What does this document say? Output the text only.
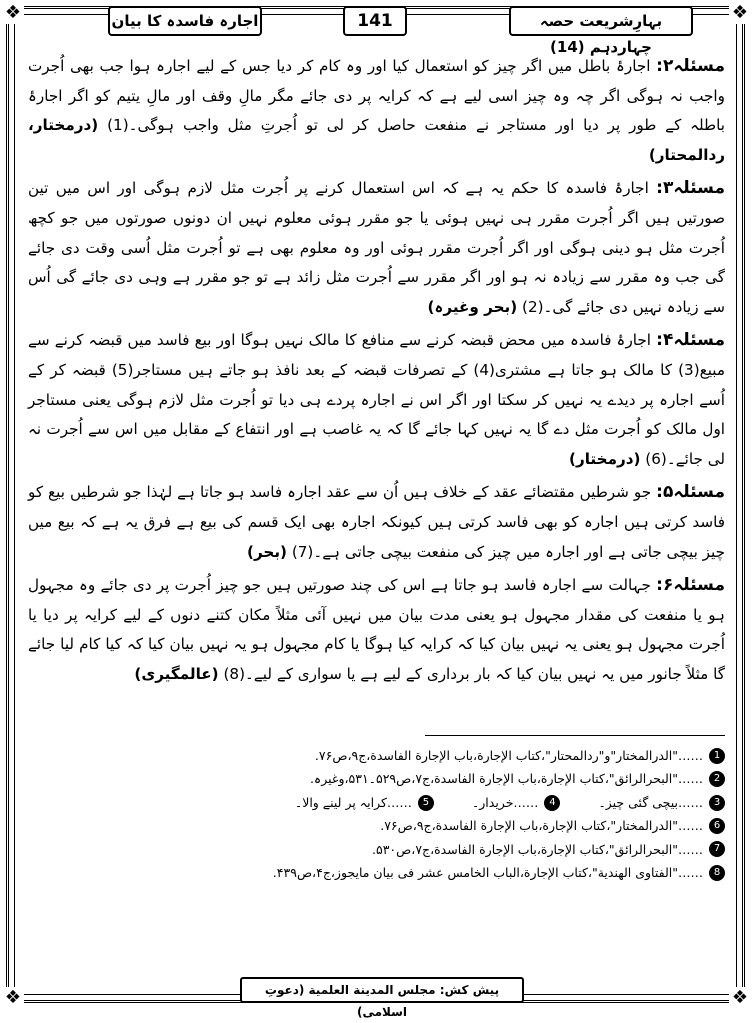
❖	❖
❖	❖
اجارہ فاسدہ کا بیان	141	بہارِشریعت حصہ چہاردہم (14)

مسئلہ۲: اجارۂ باطل میں اگر چیز کو استعمال کیا اور وہ کام کر دیا جس کے لیے اجارہ ہوا جب بھی اُجرت واجب نہ ہوگی اگر چہ وہ چیز اسی لیے ہے کہ کرایہ پر دی جائے مگر مالِ وقف اور مالِ یتیم کو اگر اجارۂ باطلہ کے طور پر دیا اور مستاجر نے منفعت حاصل کر لی تو اُجرتِ مثل واجب ہوگی۔(1) (درمختار، ردالمحتار)

مسئلہ۳: اجارۂ فاسدہ کا حکم یہ ہے کہ اس استعمال کرنے پر اُجرت مثل لازم ہوگی اور اس میں تین صورتیں ہیں اگر اُجرت مقرر ہی نہیں ہوئی یا جو مقرر ہوئی معلوم نہیں ان دونوں صورتوں میں جو کچھ اُجرت مثل ہو دینی ہوگی اور اگر اُجرت مقرر ہوئی اور وہ معلوم بھی ہے تو اُجرت مثل اُسی وقت دی جائے گی جب وہ مقرر سے زیادہ نہ ہو اور اگر مقرر سے اُجرت مثل زائد ہے تو جو مقرر ہے وہی دی جائے گی اُس سے زیادہ نہیں دی جائے گی۔(2) (بحر وغیرہ)

مسئلہ۴: اجارۂ فاسدہ میں محض قبضہ کرنے سے منافع کا مالک نہیں ہوگا اور بیع فاسد میں قبضہ کرنے سے مبیع(3) کا مالک ہو جاتا ہے مشتری(4) کے تصرفات قبضہ کے بعد نافذ ہو جاتے ہیں مستاجر(5) قبضہ کر کے اُسے اجارہ پر دیدے یہ نہیں کر سکتا اور اگر اس نے اجارہ پردے ہی دیا تو اُجرت مثل لازم ہوگی یعنی مستاجر اول مالک کو اُجرت مثل دے گا یہ نہیں کہا جائے گا کہ یہ غاصب ہے اور انتفاع کے مقابل میں اس سے اُجرت نہ لی جائے۔(6) (درمختار)

مسئلہ۵: جو شرطیں مقتضائے عقد کے خلاف ہیں اُن سے عقد اجارہ فاسد ہو جاتا ہے لہٰذا جو شرطیں بیع کو فاسد کرتی ہیں اجارہ کو بھی فاسد کرتی ہیں کیونکہ اجارہ بھی ایک قسم کی بیع ہے فرق یہ ہے کہ بیع میں چیز بیچی جاتی ہے اور اجارہ میں چیز کی منفعت بیچی جاتی ہے۔(7) (بحر)

مسئلہ۶: جہالت سے اجارہ فاسد ہو جاتا ہے اس کی چند صورتیں ہیں جو چیز اُجرت پر دی جائے وہ مجہول ہو یا منفعت کی مقدار مجہول ہو یعنی مدت بیان میں نہیں آئی مثلاً مکان کتنے دنوں کے لیے کرایہ پر دیا یا اُجرت مجہول ہو یعنی یہ نہیں بیان کیا کہ کرایہ کیا ہوگا یا کام مجہول ہو یہ نہیں بیان کیا کہ کیا کام لیا جائے گا مثلاً جانور میں یہ نہیں بیان کیا کہ بار برداری کے لیے ہے یا سواری کے لیے۔(8) (عالمگیری)

1
……"الدرالمختار"و"ردالمحتار"،کتاب الإجارة،باب الإجارة الفاسدة،ج۹،ص۷۶.
2
……"البحرالرائق"،کتاب الإجارة،باب الإجارة الفاسدة،ج۷،ص۵۲۹۔۵۳۱،وغیرہ.
3
……بیچی گئی چیز۔
4
……خریدار۔
5
……کرایہ پر لینے والا۔
6
……"الدرالمختار"،کتاب الإجارة،باب الإجارة الفاسدة،ج۹،ص۷۶.
7
……"البحرالرائق"،کتاب الإجارة،باب الإجارة الفاسدة،ج۷،ص۵۳۰.
8
……"الفتاوی الھندیة"،کتاب الإجارة،الباب الخامس عشر فی بیان مایجوز،ج۴،ص۴۳۹.
پیش کش: مجلس المدینة العلمیة (دعوتِ اسلامی)
